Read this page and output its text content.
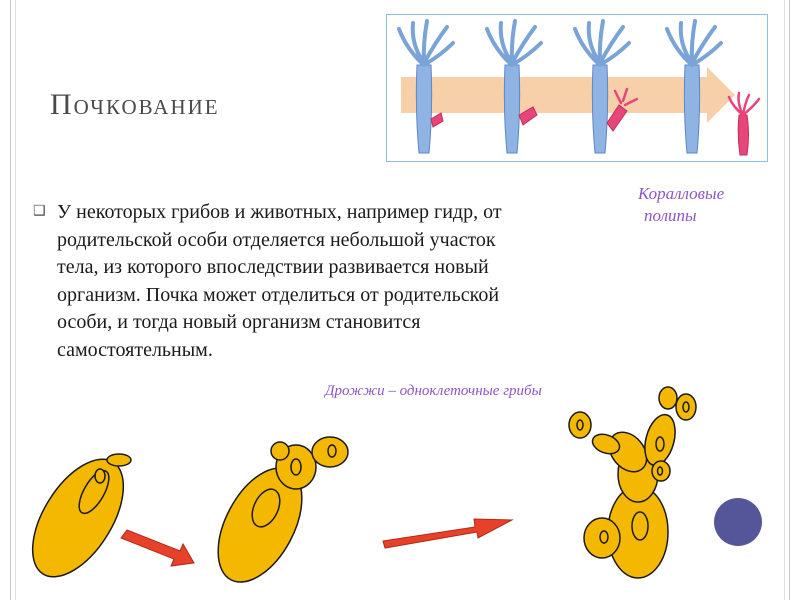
Почкование
❑ У некоторых грибов и животных, например гидр, от
родительской особи отделяется небольшой участок
тела, из которого впоследствии развивается новый
организм. Почка может отделиться от родительской
особи, и тогда новый организм становится
самостоятельным.
Коралловые
полипы
Дрожжи – одноклеточные грибы
